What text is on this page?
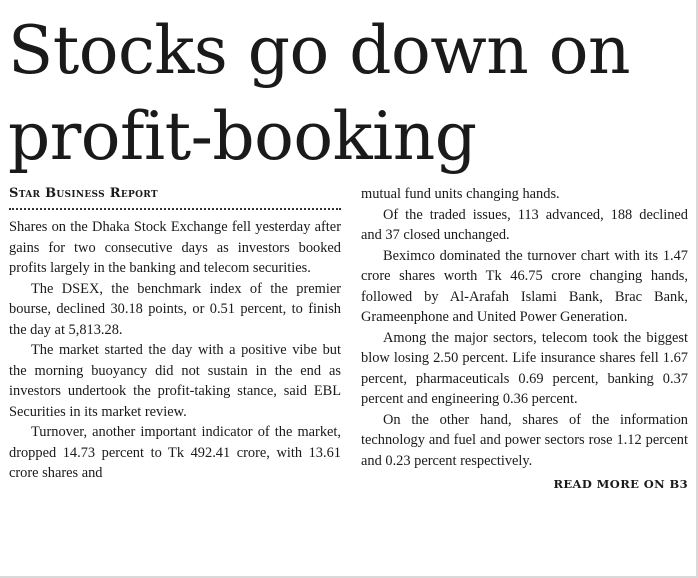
Stocks go down on profit-booking
Star Business Report

Shares on the Dhaka Stock Exchange fell yesterday after gains for two consecutive days as investors booked profits largely in the banking and telecom securities.

The DSEX, the benchmark index of the premier bourse, declined 30.18 points, or 0.51 percent, to finish the day at 5,813.28.

The market started the day with a positive vibe but the morning buoyancy did not sustain in the end as investors undertook the profit-taking stance, said EBL Securities in its market review.

Turnover, another important indicator of the market, dropped 14.73 percent to Tk 492.41 crore, with 13.61 crore shares and

mutual fund units changing hands.

Of the traded issues, 113 advanced, 188 declined and 37 closed unchanged.

Beximco dominated the turnover chart with its 1.47 crore shares worth Tk 46.75 crore changing hands, followed by Al-Arafah Islami Bank, Brac Bank, Grameenphone and United Power Generation.

Among the major sectors, telecom took the biggest blow losing 2.50 percent. Life insurance shares fell 1.67 percent, pharmaceuticals 0.69 percent, banking 0.37 percent and engineering 0.36 percent.

On the other hand, shares of the information technology and fuel and power sectors rose 1.12 percent and 0.23 percent respectively.

READ MORE ON B3
